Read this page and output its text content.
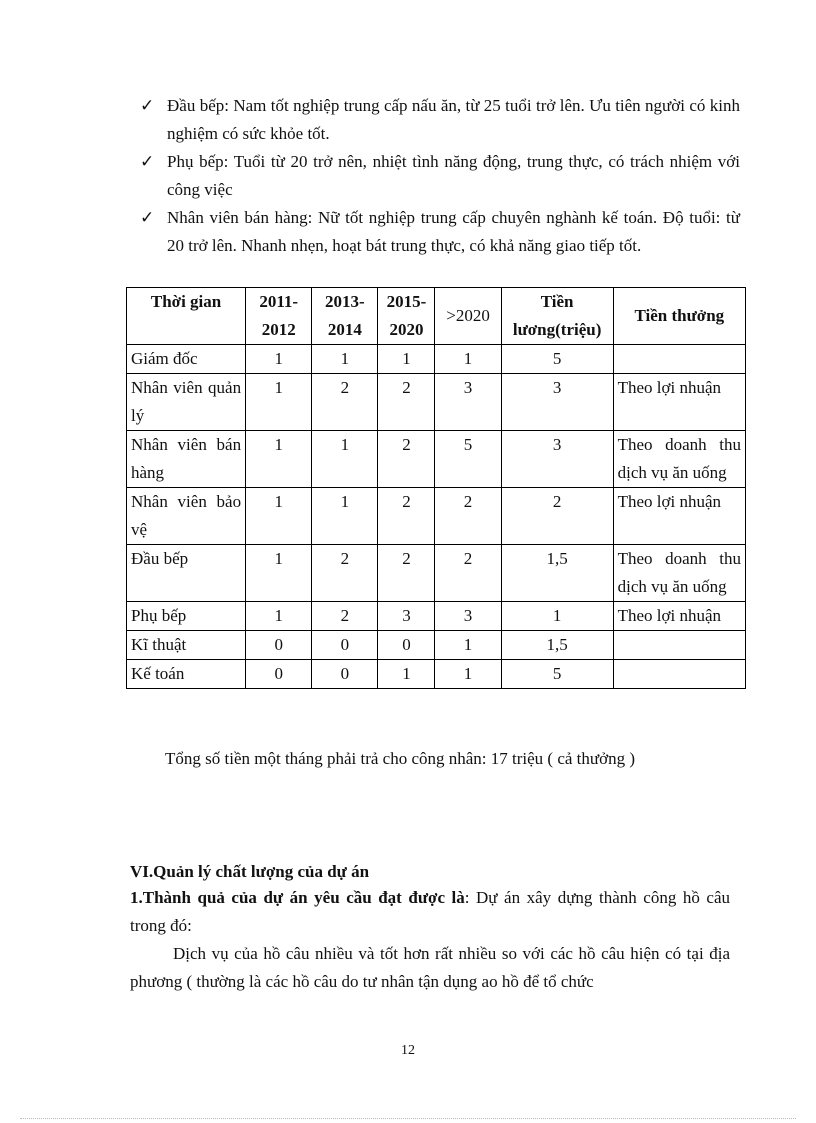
✓ Đầu bếp: Nam tốt nghiệp trung cấp nấu ăn, từ 25 tuổi trở lên. Ưu tiên người có kinh nghiệm có sức khỏe tốt.
✓ Phụ bếp: Tuổi từ 20 trở nên, nhiệt tình năng động, trung thực, có trách nhiệm với công việc
✓ Nhân viên bán hàng: Nữ tốt nghiệp trung cấp chuyên nghành kế toán. Độ tuổi: từ 20 trở lên. Nhanh nhẹn, hoạt bát trung thực, có khả năng giao tiếp tốt.
Thời gian	2011-2012	2013-2014	2015-2020	>2020	Tiền lương(triệu)	Tiền thưởng
Giám đốc	1	1	1	1	5	
Nhân viên quản lý	1	2	2	3	3	Theo lợi nhuận
Nhân viên bán hàng	1	1	2	5	3	Theo doanh thu dịch vụ ăn uống
Nhân viên bảo vệ	1	1	2	2	2	Theo lợi nhuận
Đầu bếp	1	2	2	2	1,5	Theo doanh thu dịch vụ ăn uống
Phụ bếp	1	2	3	3	1	Theo lợi nhuận
Kĩ thuật	0	0	0	1	1,5	
Kế toán	0	0	1	1	5	
Tổng số tiền một tháng phải trả cho công nhân: 17 triệu ( cả thưởng )
VI.Quản lý chất lượng của dự án
1.Thành quả của dự án yêu cầu đạt được là: Dự án xây dựng thành công hồ câu trong đó:
Dịch vụ của hồ câu nhiều và tốt hơn rất nhiều so với các hồ câu hiện có tại địa phương ( thường là các hồ câu do tư nhân tận dụng ao hồ để tổ chức
12
